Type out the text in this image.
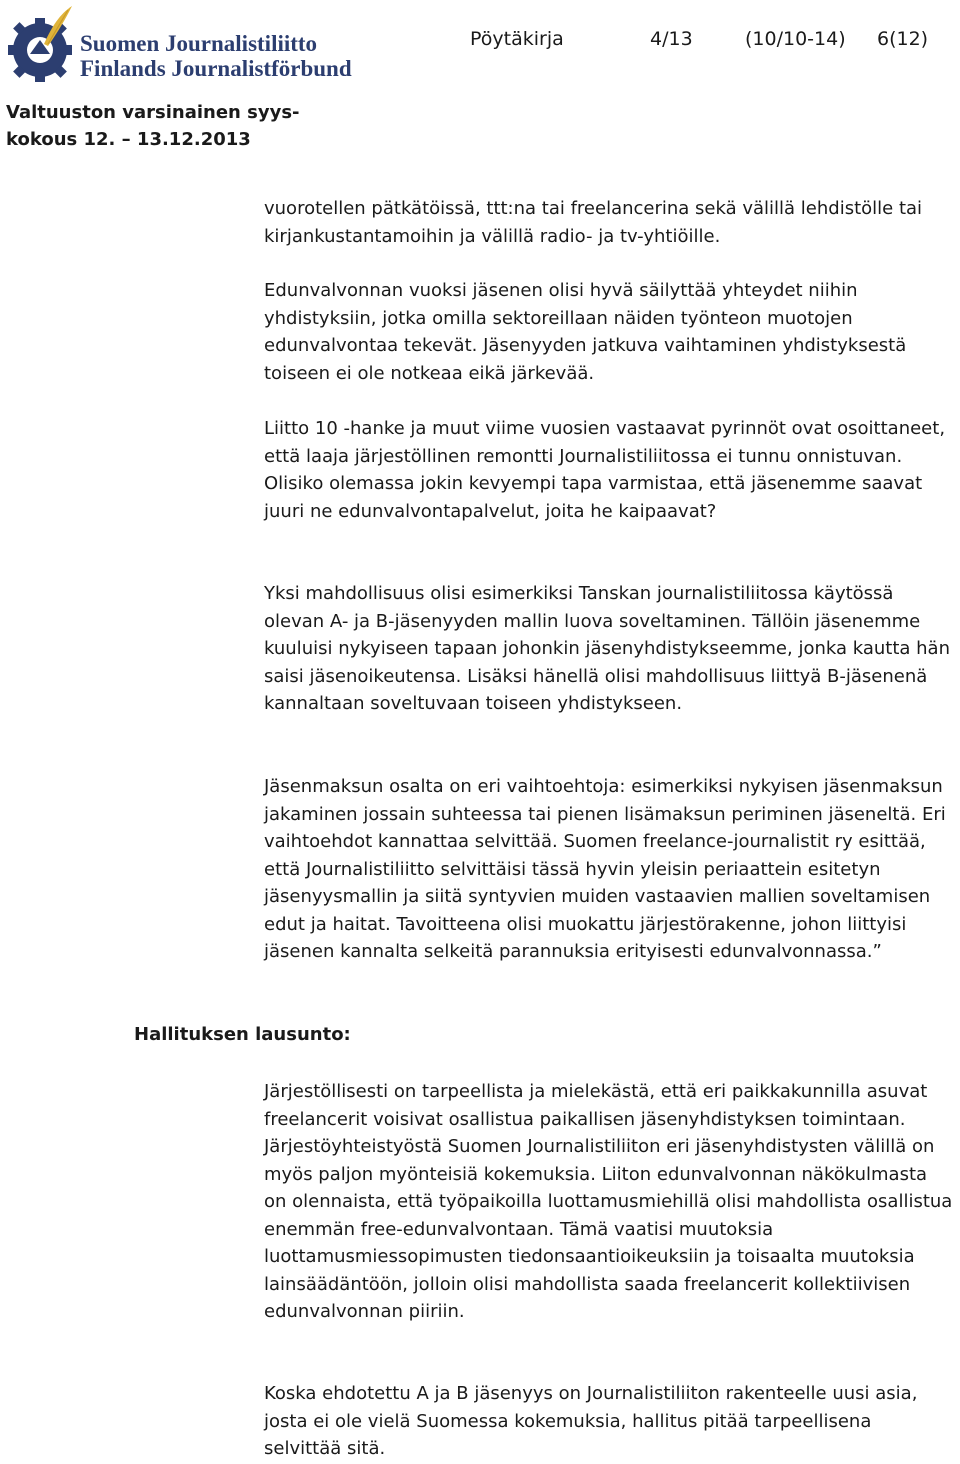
Suomen Journalistiliitto
Finlands Journalistförbund
Pöytäkirja	4/13	(10/10-14) 6(12)
Valtuuston varsinainen syys-kokous 12. – 13.12.2013

vuorotellen pätkätöissä, ttt:na tai freelancerina sekä välillä lehdistölle tai kirjankustantamoihin ja välillä radio- ja tv-yhtiöille.

Edunvalvonnan vuoksi jäsenen olisi hyvä säilyttää yhteydet niihin yhdistyksiin, jotka omilla sektoreillaan näiden työnteon muotojen edunvalvontaa tekevät. Jäsenyyden jatkuva vaihtaminen yhdistyksestä toiseen ei ole notkeaa eikä järkevää.

Liitto 10 -hanke ja muut viime vuosien vastaavat pyrinnöt ovat osoittaneet, että laaja järjestöllinen remontti Journalistiliitossa ei tunnu onnistuvan. Olisiko olemassa jokin kevyempi tapa varmistaa, että jäsenemme saavat juuri ne edunvalvontapalvelut, joita he kaipaavat?

Yksi mahdollisuus olisi esimerkiksi Tanskan journalistiliitossa käytössä olevan A- ja B-jäsenyyden mallin luova soveltaminen. Tällöin jäsenemme kuuluisi nykyiseen tapaan johonkin jäsenyhdistykseemme, jonka kautta hän saisi jäsenoikeutensa. Lisäksi hänellä olisi mahdollisuus liittyä B-jäsenenä kannaltaan soveltuvaan toiseen yhdistykseen.

Jäsenmaksun osalta on eri vaihtoehtoja: esimerkiksi nykyisen jäsenmaksun jakaminen jossain suhteessa tai pienen lisämaksun periminen jäseneltä. Eri vaihtoehdot kannattaa selvittää. Suomen freelance-journalistit ry esittää, että Journalistiliitto selvittäisi tässä hyvin yleisin periaattein esitetyn jäsenyysmallin ja siitä syntyvien muiden vastaavien mallien soveltamisen edut ja haitat. Tavoitteena olisi muokattu järjestörakenne, johon liittyisi jäsenen kannalta selkeitä parannuksia erityisesti edunvalvonnassa.”

Hallituksen lausunto:

Järjestöllisesti on tarpeellista ja mielekästä, että eri paikkakunnilla asuvat freelancerit voisivat osallistua paikallisen jäsenyhdistyksen toimintaan. Järjestöyhteistyöstä Suomen Journalistiliiton eri jäsenyhdistysten välillä on myös paljon myönteisiä kokemuksia. Liiton edunvalvonnan näkökulmasta on olennaista, että työpaikoilla luottamusmiehillä olisi mahdollista osallistua enemmän free-edunvalvontaan. Tämä vaatisi muutoksia luottamusmiessopimusten tiedonsaantioikeuksiin ja toisaalta muutoksia lainsäädäntöön, jolloin olisi mahdollista saada freelancerit kollektiivisen edunvalvonnan piiriin.

Koska ehdotettu A ja B jäsenyys on Journalistiliiton rakenteelle uusi asia, josta ei ole vielä Suomessa kokemuksia, hallitus pitää tarpeellisena selvittää sitä.
